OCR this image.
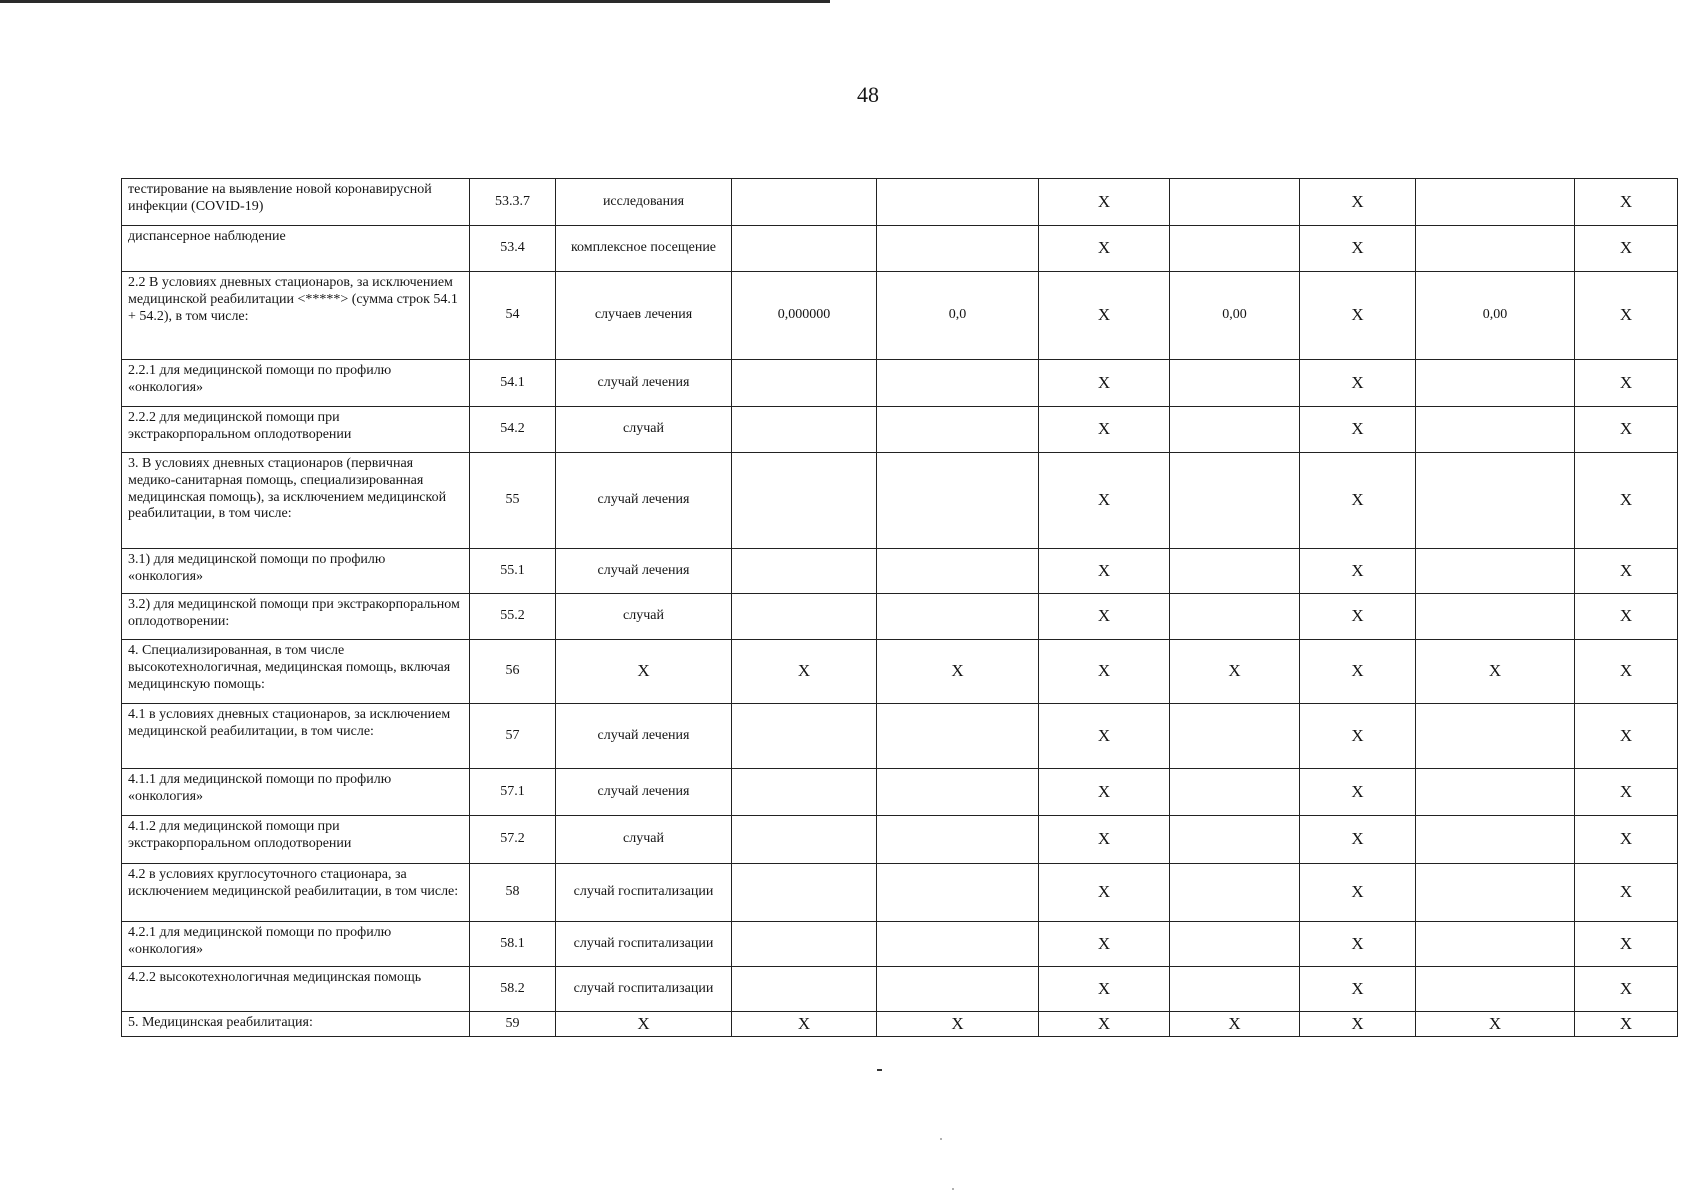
48
тестирование на выявление новой коронавирусной инфекции (COVID-19)	53.3.7	исследования			X		X		X
диспансерное наблюдение	53.4	комплексное посещение			X		X		X
2.2 В условиях дневных стационаров, за исключением медицинской реабилитации <*****> (сумма строк 54.1 + 54.2), в том числе:	54	случаев лечения	0,000000	0,0	X	0,00	X	0,00	X
2.2.1 для медицинской помощи по профилю «онкология»	54.1	случай лечения			X		X		X
2.2.2 для медицинской помощи при экстракорпоральном оплодотворении	54.2	случай			X		X		X
3. В условиях дневных стационаров (первичная медико-санитарная помощь, специализированная медицинская помощь), за исключением медицинской реабилитации, в том числе:	55	случай лечения			X		X		X
3.1) для медицинской помощи по профилю «онкология»	55.1	случай лечения			X		X		X
3.2) для медицинской помощи при экстракорпоральном оплодотворении:	55.2	случай			X		X		X
4. Специализированная, в том числе высокотехнологичная, медицинская помощь, включая медицинскую помощь:	56	X	X	X	X	X	X	X	X
4.1 в условиях дневных стационаров, за исключением медицинской реабилитации, в том числе:	57	случай лечения			X		X		X
4.1.1 для медицинской помощи по профилю «онкология»	57.1	случай лечения			X		X		X
4.1.2 для медицинской помощи при экстракорпоральном оплодотворении	57.2	случай			X		X		X
4.2 в условиях круглосуточного стационара, за исключением медицинской реабилитации, в том числе:	58	случай госпитализации			X		X		X
4.2.1 для медицинской помощи по профилю «онкология»	58.1	случай госпитализации			X		X		X
4.2.2 высокотехнологичная медицинская помощь	58.2	случай госпитализации			X		X		X
5. Медицинская реабилитация:	59	X	X	X	X	X	X	X	X
